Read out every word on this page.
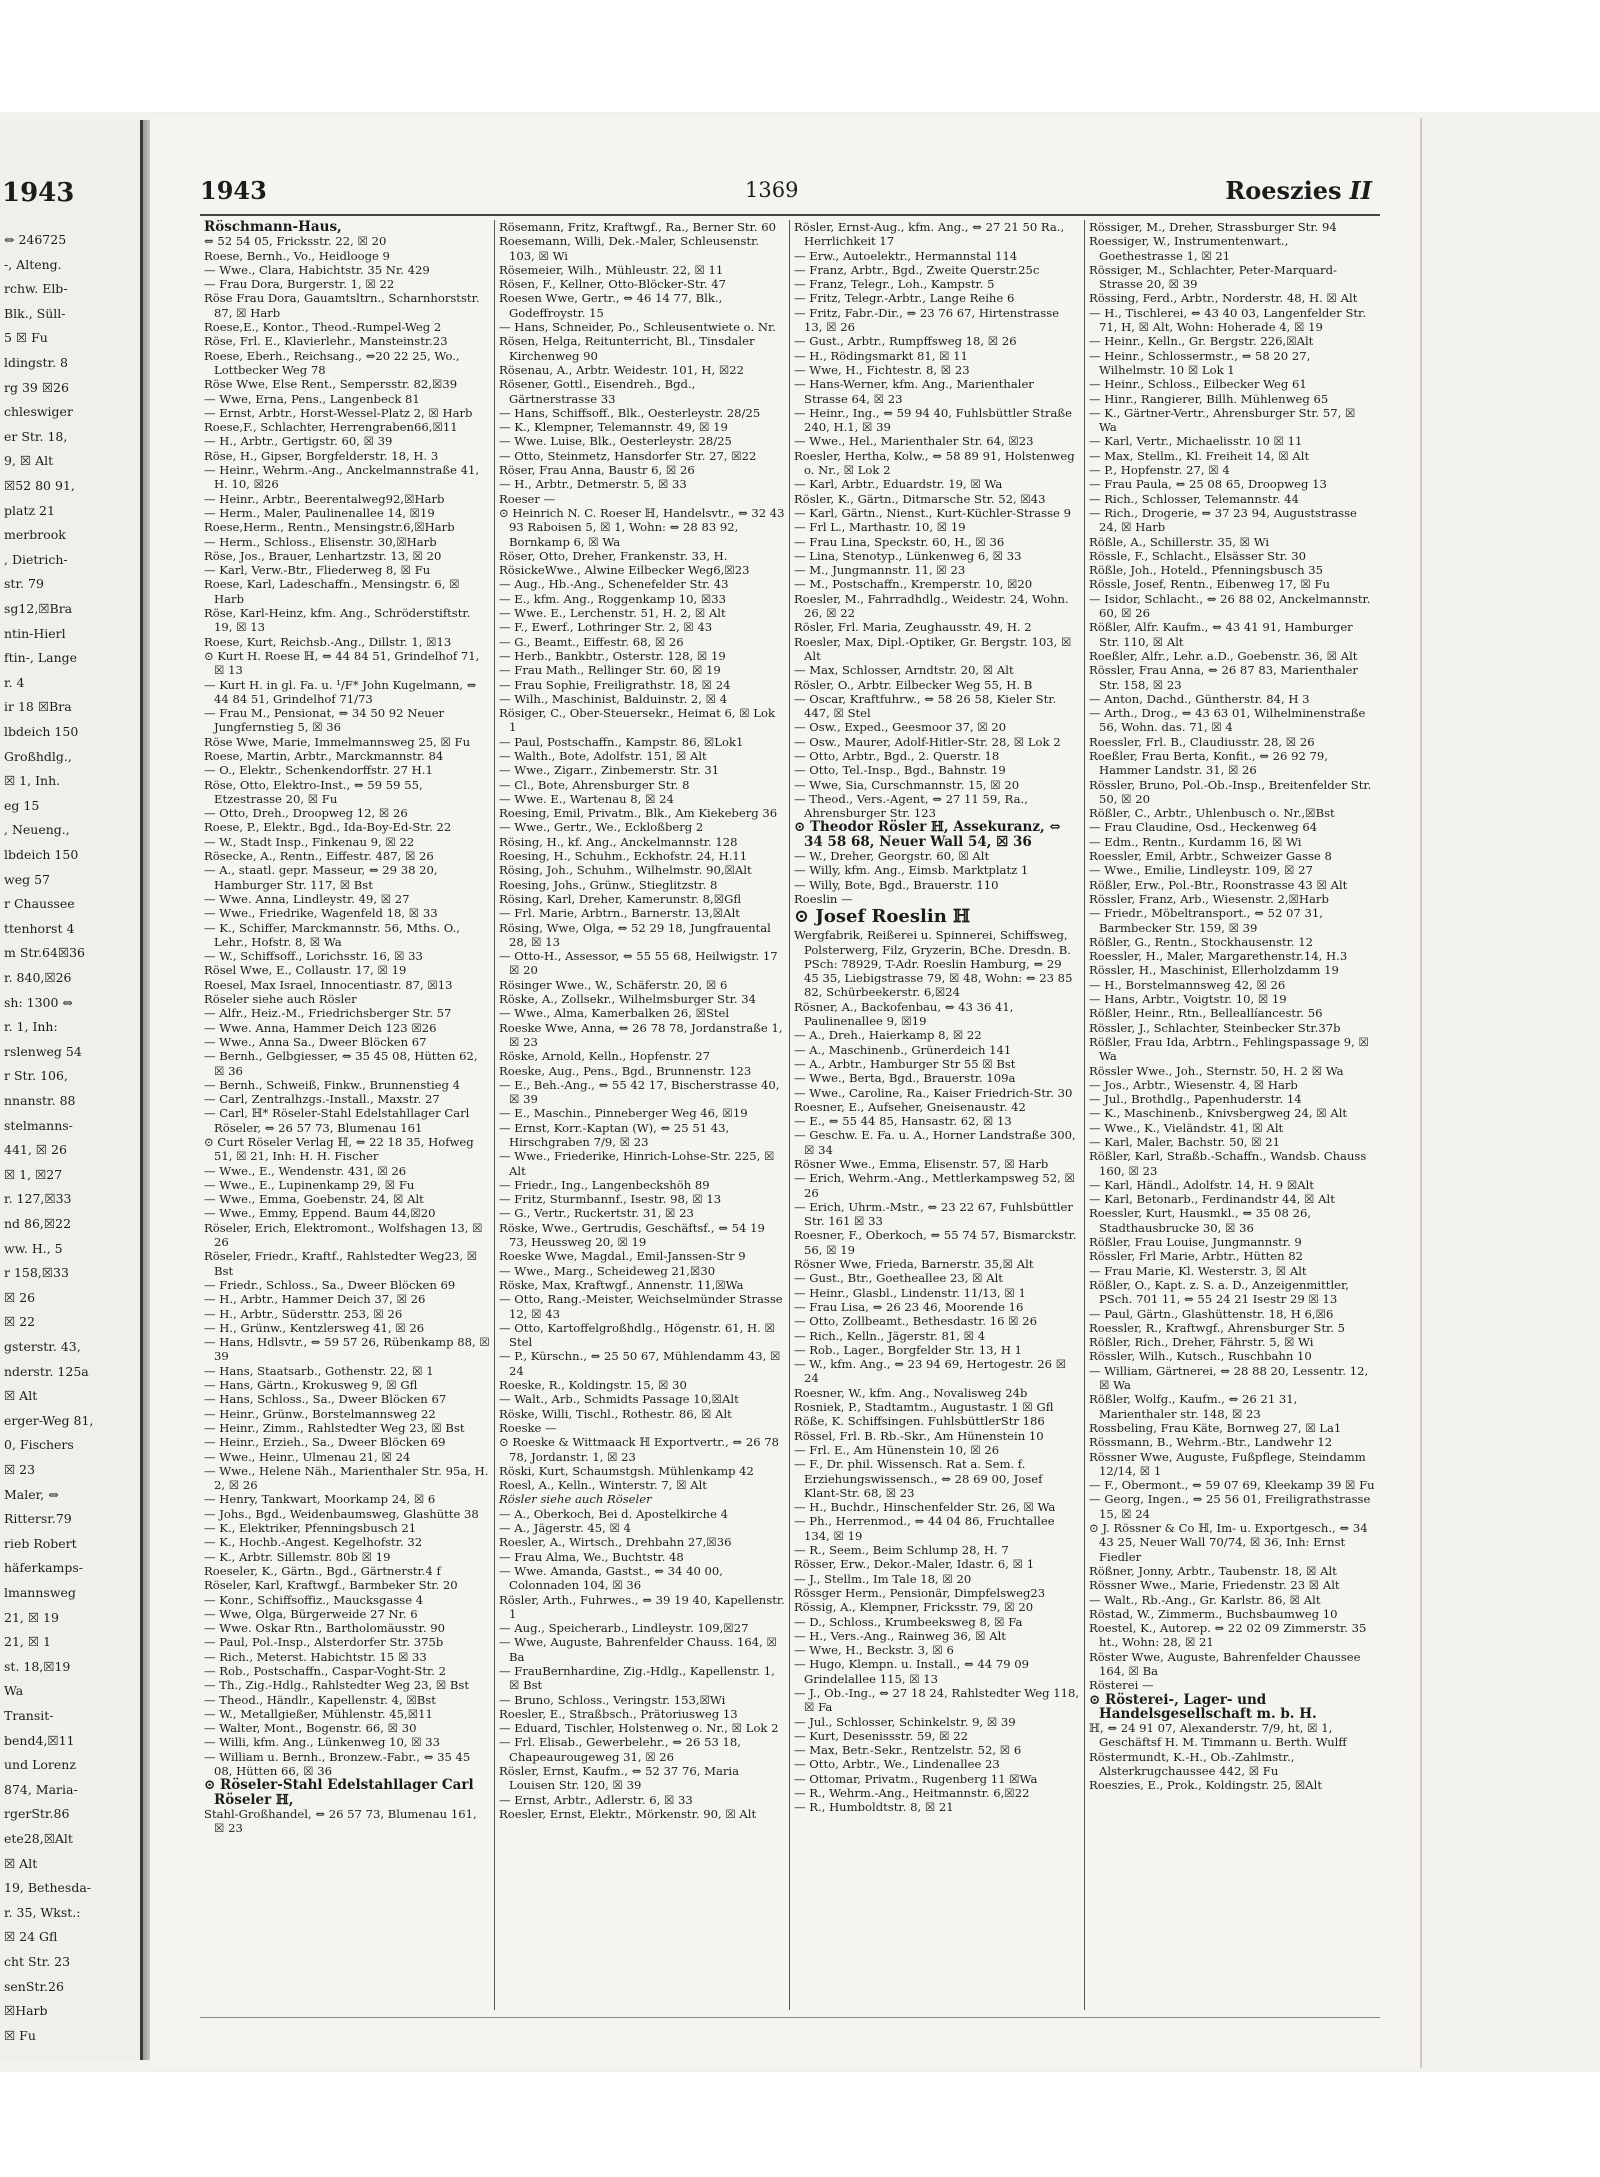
1943
⇔ 246725
-, Alteng.
rchw. Elb-
Blk., Süll-
5 ☒ Fu
ldingstr. 8
rg 39 ☒26
chleswiger
er Str. 18,
9, ☒ Alt
☒52 80 91,
platz 21
merbrook
, Dietrich-
str. 79
sg12,☒Bra
ntin-Hierl
ftin-, Lange
r. 4
ir 18 ☒Bra
lbdeich 150
Großhdlg.,
☒ 1, Inh.
eg 15
, Neueng.,
lbdeich 150
weg 57
r Chaussee
ttenhorst 4
m Str.64☒36
r. 840,☒26
sh: 1300 ⇔
r. 1, Inh:
rslenweg 54
r Str. 106,
nnanstr. 88
stelmanns-
441, ☒ 26
☒ 1, ☒27
r. 127,☒33
nd 86,☒22
ww. H., 5
r 158,☒33
☒ 26
☒ 22
gsterstr. 43,
nderstr. 125a
☒ Alt
erger-Weg 81,
0, Fischers
☒ 23
Maler, ⇔
Rittersr.79
rieb Robert
häferkamps-
lmannsweg
21, ☒ 19
21, ☒ 1
st. 18,☒19
Wa
Transit-
bend4,☒11
und Lorenz
874, Maria-
rgerStr.86
ete28,☒Alt
☒ Alt
19, Bethesda-
r. 35, Wkst.:
☒ 24 Gfl
cht Str. 23
senStr.26
☒Harb
☒ Fu
1943	1369	Roeszies II

Röschmann-Haus,

⇔ 52 54 05, Fricksstr. 22, ☒ 20

Roese, Bernh., Vo., Heidlooge 9

— Wwe., Clara, Habichtstr. 35 Nr. 429

— Frau Dora, Burgerstr. 1, ☒ 22

Röse Frau Dora, Gauamtsltrn., Scharnhorststr. 87, ☒ Harb

Roese,E., Kontor., Theod.-Rumpel-Weg 2

Röse, Frl. E., Klavierlehr., Mansteinstr.23

Roese, Eberh., Reichsang., ⇔20 22 25, Wo., Lottbecker Weg 78

Röse Wwe, Else Rent., Sempersstr. 82,☒39

— Wwe, Erna, Pens., Langenbeck 81

— Ernst, Arbtr., Horst-Wessel-Platz 2, ☒ Harb

Roese,F., Schlachter, Herrengraben66,☒11

— H., Arbtr., Gertigstr. 60, ☒ 39

Röse, H., Gipser, Borgfelderstr. 18, H. 3

— Heinr., Wehrm.-Ang., Anckelmannstraße 41, H. 10, ☒26

— Heinr., Arbtr., Beerentalweg92,☒Harb

— Herm., Maler, Paulinenallee 14, ☒19

Roese,Herm., Rentn., Mensingstr.6,☒Harb

— Herm., Schloss., Elisenstr. 30,☒Harb

Röse, Jos., Brauer, Lenhartzstr. 13, ☒ 20

— Karl, Verw.-Btr., Fliederweg 8, ☒ Fu

Roese, Karl, Ladeschaffn., Mensingstr. 6, ☒ Harb

Röse, Karl-Heinz, kfm. Ang., Schröderstiftstr. 19, ☒ 13

Roese, Kurt, Reichsb.-Ang., Dillstr. 1, ☒13

⊙ Kurt H. Roese ℍ, ⇔ 44 84 51, Grindelhof 71, ☒ 13

— Kurt H. in gl. Fa. u. ¹/F* John Kugelmann, ⇔ 44 84 51, Grindelhof 71/73

— Frau M., Pensionat, ⇔ 34 50 92 Neuer Jungfernstieg 5, ☒ 36

Röse Wwe, Marie, Immelmannsweg 25, ☒ Fu

Roese, Martin, Arbtr., Marckmannstr. 84

— O., Elektr., Schenkendorffstr. 27 H.1

Röse, Otto, Elektro-Inst., ⇔ 59 59 55, Etzestrasse 20, ☒ Fu

— Otto, Dreh., Droopweg 12, ☒ 26

Roese, P., Elektr., Bgd., Ida-Boy-Ed-Str. 22

— W., Stadt Insp., Finkenau 9, ☒ 22

Rösecke, A., Rentn., Eiffestr. 487, ☒ 26

— A., staatl. gepr. Masseur, ⇔ 29 38 20, Hamburger Str. 117, ☒ Bst

— Wwe. Anna, Lindleystr. 49, ☒ 27

— Wwe., Friedrike, Wagenfeld 18, ☒ 33

— K., Schiffer, Marckmannstr. 56, Mths. O., Lehr., Hofstr. 8, ☒ Wa

— W., Schiffsoff., Lorichsstr. 16, ☒ 33

Rösel Wwe, E., Collaustr. 17, ☒ 19

Roesel, Max Israel, Innocentiastr. 87, ☒13

Röseler siehe auch Rösler

— Alfr., Heiz.-M., Friedrichsberger Str. 57

— Wwe. Anna, Hammer Deich 123 ☒26

— Wwe., Anna Sa., Dweer Blöcken 67

— Bernh., Gelbgiesser, ⇔ 35 45 08, Hütten 62, ☒ 36

— Bernh., Schweiß, Finkw., Brunnenstieg 4

— Carl, Zentralhzgs.-Install., Maxstr. 27

— Carl, ℍ* Röseler-Stahl Edelstahllager Carl Röseler, ⇔ 26 57 73, Blumenau 161

⊙ Curt Röseler Verlag ℍ, ⇔ 22 18 35, Hofweg 51, ☒ 21, Inh: H. H. Fischer

— Wwe., E., Wendenstr. 431, ☒ 26

— Wwe., E., Lupinenkamp 29, ☒ Fu

— Wwe., Emma, Goebenstr. 24, ☒ Alt

— Wwe., Emmy, Eppend. Baum 44,☒20

Röseler, Erich, Elektromont., Wolfshagen 13, ☒ 26

Röseler, Friedr., Kraftf., Rahlstedter Weg23, ☒ Bst

— Friedr., Schloss., Sa., Dweer Blöcken 69

— H., Arbtr., Hammer Deich 37, ☒ 26

— H., Arbtr., Südersttr. 253, ☒ 26

— H., Grünw., Kentzlersweg 41, ☒ 26

— Hans, Hdlsvtr., ⇔ 59 57 26, Rübenkamp 88, ☒ 39

— Hans, Staatsarb., Gothenstr. 22, ☒ 1

— Hans, Gärtn., Krokusweg 9, ☒ Gfl

— Hans, Schloss., Sa., Dweer Blöcken 67

— Heinr., Grünw., Borstelmannsweg 22

— Heinr., Zimm., Rahlstedter Weg 23, ☒ Bst

— Heinr., Erzieh., Sa., Dweer Blöcken 69

— Wwe., Heinr., Ulmenau 21, ☒ 24

— Wwe., Helene Näh., Marienthaler Str. 95a, H. 2, ☒ 26

— Henry, Tankwart, Moorkamp 24, ☒ 6

— Johs., Bgd., Weidenbaumsweg, Glashütte 38

— K., Elektriker, Pfenningsbusch 21

— K., Hochb.-Angest. Kegelhofstr. 32

— K., Arbtr. Sillemstr. 80b ☒ 19

Roeseler, K., Gärtn., Bgd., Gärtnerstr.4 f

Röseler, Karl, Kraftwgf., Barmbeker Str. 20

— Konr., Schiffsoffiz., Maucksgasse 4

— Wwe, Olga, Bürgerweide 27 Nr. 6

— Wwe. Oskar Rtn., Bartholomäusstr. 90

— Paul, Pol.-Insp., Alsterdorfer Str. 375b

— Rich., Meterst. Habichtstr. 15 ☒ 33

— Rob., Postschaffn., Caspar-Voght-Str. 2

— Th., Zig.-Hdlg., Rahlstedter Weg 23, ☒ Bst

— Theod., Händlr., Kapellenstr. 4, ☒Bst

— W., Metallgießer, Mühlenstr. 45,☒11

— Walter, Mont., Bogenstr. 66, ☒ 30

— Willi, kfm. Ang., Lünkenweg 10, ☒ 33

— William u. Bernh., Bronzew.-Fabr., ⇔ 35 45 08, Hütten 66, ☒ 36

⊙ Röseler-Stahl Edelstahllager Carl Röseler ℍ,

Stahl-Großhandel, ⇔ 26 57 73, Blumenau 161, ☒ 23

Rösemann, Fritz, Kraftwgf., Ra., Berner Str. 60

Roesemann, Willi, Dek.-Maler, Schleusenstr. 103, ☒ Wi

Rösemeier, Wilh., Mühleustr. 22, ☒ 11

Rösen, F., Kellner, Otto-Blöcker-Str. 47

Roesen Wwe, Gertr., ⇔ 46 14 77, Blk., Godeffroystr. 15

— Hans, Schneider, Po., Schleusentwiete o. Nr.

Rösen, Helga, Reitunterricht, Bl., Tinsdaler Kirchenweg 90

Rösenau, A., Arbtr. Weidestr. 101, H, ☒22

Rösener, Gottl., Eisendreh., Bgd., Gärtnerstrasse 33

— Hans, Schiffsoff., Blk., Oesterleystr. 28/25

— K., Klempner, Telemannstr. 49, ☒ 19

— Wwe. Luise, Blk., Oesterleystr. 28/25

— Otto, Steinmetz, Hansdorfer Str. 27, ☒22

Röser, Frau Anna, Baustr 6, ☒ 26

— H., Arbtr., Detmerstr. 5, ☒ 33

Roeser —

⊙ Heinrich N. C. Roeser ℍ, Handelsvtr., ⇔ 32 43 93 Raboisen 5, ☒ 1, Wohn: ⇔ 28 83 92, Bornkamp 6, ☒ Wa

Röser, Otto, Dreher, Frankenstr. 33, H.

RösickeWwe., Alwine Eilbecker Weg6,☒23

— Aug., Hb.-Ang., Schenefelder Str. 43

— E., kfm. Ang., Roggenkamp 10, ☒33

— Wwe. E., Lerchenstr. 51, H. 2, ☒ Alt

— F., Ewerf., Lothringer Str. 2, ☒ 43

— G., Beamt., Eiffestr. 68, ☒ 26

— Herb., Bankbtr., Osterstr. 128, ☒ 19

— Frau Math., Rellinger Str. 60, ☒ 19

— Frau Sophie, Freiligrathstr. 18, ☒ 24

— Wilh., Maschinist, Balduinstr. 2, ☒ 4

Rösiger, C., Ober-Steuersekr., Heimat 6, ☒ Lok 1

— Paul, Postschaffn., Kampstr. 86, ☒Lok1

— Walth., Bote, Adolfstr. 151, ☒ Alt

— Wwe., Zigarr., Zinbemerstr. Str. 31

— Cl., Bote, Ahrensburger Str. 8

— Wwe. E., Wartenau 8, ☒ 24

Roesing, Emil, Privatm., Blk., Am Kiekeberg 36

— Wwe., Gertr., We., Eckloßberg 2

Rösing, H., kf. Ang., Anckelmannstr. 128

Roesing, H., Schuhm., Eckhofstr. 24, H.11

Rösing, Joh., Schuhm., Wilhelmstr. 90,☒Alt

Roesing, Johs., Grünw., Stieglitzstr. 8

Rösing, Karl, Dreher, Kamerunstr. 8,☒Gfl

— Frl. Marie, Arbtrn., Barnerstr. 13,☒Alt

Rösing, Wwe, Olga, ⇔ 52 29 18, Jungfrauental 28, ☒ 13

— Otto-H., Assessor, ⇔ 55 55 68, Heilwigstr. 17 ☒ 20

Rösinger Wwe., W., Schäferstr. 20, ☒ 6

Röske, A., Zollsekr., Wilhelmsburger Str. 34

— Wwe., Alma, Kamerbalken 26, ☒Stel

Roeske Wwe, Anna, ⇔ 26 78 78, Jordanstraße 1, ☒ 23

Röske, Arnold, Kelln., Hopfenstr. 27

Roeske, Aug., Pens., Bgd., Brunnenstr. 123

— E., Beh.-Ang., ⇔ 55 42 17, Bischerstrasse 40, ☒ 39

— E., Maschin., Pinneberger Weg 46, ☒19

— Ernst, Korr.-Kaptan (W), ⇔ 25 51 43, Hirschgraben 7/9, ☒ 23

— Wwe., Friederike, Hinrich-Lohse-Str. 225, ☒ Alt

— Friedr., Ing., Langenbeckshöh 89

— Fritz, Sturmbannf., Isestr. 98, ☒ 13

— G., Vertr., Ruckertstr. 31, ☒ 23

Röske, Wwe., Gertrudis, Geschäftsf., ⇔ 54 19 73, Heussweg 20, ☒ 19

Roeske Wwe, Magdal., Emil-Janssen-Str 9

— Wwe., Marg., Scheideweg 21,☒30

Röske, Max, Kraftwgf., Annenstr. 11,☒Wa

— Otto, Rang.-Meister, Weichselmünder Strasse 12, ☒ 43

— Otto, Kartoffelgroßhdlg., Högenstr. 61, H. ☒ Stel

— P., Kürschn., ⇔ 25 50 67, Mühlendamm 43, ☒ 24

Roeske, R., Koldingstr. 15, ☒ 30

— Walt., Arb., Schmidts Passage 10,☒Alt

Röske, Willi, Tischl., Rothestr. 86, ☒ Alt

Roeske —

⊙ Roeske & Wittmaack ℍ Exportvertr., ⇔ 26 78 78, Jordanstr. 1, ☒ 23

Röski, Kurt, Schaumstgsh. Mühlenkamp 42

Roesl, A., Kelln., Winterstr. 7, ☒ Alt

Rösler siehe auch Röseler

— A., Oberkoch, Bei d. Apostelkirche 4

— A., Jägerstr. 45, ☒ 4

Roesler, A., Wirtsch., Drehbahn 27,☒36

— Frau Alma, We., Buchtstr. 48

— Wwe. Amanda, Gastst., ⇔ 34 40 00, Colonnaden 104, ☒ 36

Rösler, Arth., Fuhrwes., ⇔ 39 19 40, Kapellenstr. 1

— Aug., Speicherarb., Lindleystr. 109,☒27

— Wwe, Auguste, Bahrenfelder Chauss. 164, ☒ Ba

— FrauBernhardine, Zig.-Hdlg., Kapellenstr. 1, ☒ Bst

— Bruno, Schloss., Veringstr. 153,☒Wi

Roesler, E., Straßbsch., Prätoriusweg 13

— Eduard, Tischler, Holstenweg o. Nr., ☒ Lok 2

— Frl. Elisab., Gewerbelehr., ⇔ 26 53 18, Chapeaurougeweg 31, ☒ 26

Rösler, Ernst, Kaufm., ⇔ 52 37 76, Maria Louisen Str. 120, ☒ 39

— Ernst, Arbtr., Adlerstr. 6, ☒ 33

Roesler, Ernst, Elektr., Mörkenstr. 90, ☒ Alt

Rösler, Ernst-Aug., kfm. Ang., ⇔ 27 21 50 Ra., Herrlichkeit 17

— Erw., Autoelektr., Hermannstal 114

— Franz, Arbtr., Bgd., Zweite Querstr.25c

— Franz, Telegr., Loh., Kampstr. 5

— Fritz, Telegr.-Arbtr., Lange Reihe 6

— Fritz, Fabr.-Dir., ⇔ 23 76 67, Hirtenstrasse 13, ☒ 26

— Gust., Arbtr., Rumpffsweg 18, ☒ 26

— H., Rödingsmarkt 81, ☒ 11

— Wwe, H., Fichtestr. 8, ☒ 23

— Hans-Werner, kfm. Ang., Marienthaler Strasse 64, ☒ 23

— Heinr., Ing., ⇔ 59 94 40, Fuhlsbüttler Straße 240, H.1, ☒ 39

— Wwe., Hel., Marienthaler Str. 64, ☒23

Roesler, Hertha, Kolw., ⇔ 58 89 91, Holstenweg o. Nr., ☒ Lok 2

— Karl, Arbtr., Eduardstr. 19, ☒ Wa

Rösler, K., Gärtn., Ditmarsche Str. 52, ☒43

— Karl, Gärtn., Nienst., Kurt-Küchler-Strasse 9

— Frl L., Marthastr. 10, ☒ 19

— Frau Lina, Speckstr. 60, H., ☒ 36

— Lina, Stenotyp., Lünkenweg 6, ☒ 33

— M., Jungmannstr. 11, ☒ 23

— M., Postschaffn., Kremperstr. 10, ☒20

Roesler, M., Fahrradhdlg., Weidestr. 24, Wohn. 26, ☒ 22

Rösler, Frl. Maria, Zeughausstr. 49, H. 2

Roesler, Max, Dipl.-Optiker, Gr. Bergstr. 103, ☒ Alt

— Max, Schlosser, Arndtstr. 20, ☒ Alt

Rösler, O., Arbtr. Eilbecker Weg 55, H. B

— Oscar, Kraftfuhrw., ⇔ 58 26 58, Kieler Str. 447, ☒ Stel

— Osw., Exped., Geesmoor 37, ☒ 20

— Osw., Maurer, Adolf-Hitler-Str. 28, ☒ Lok 2

— Otto, Arbtr., Bgd., 2. Querstr. 18

— Otto, Tel.-Insp., Bgd., Bahnstr. 19

— Wwe, Sia, Curschmannstr. 15, ☒ 20

— Theod., Vers.-Agent, ⇔ 27 11 59, Ra., Ahrensburger Str. 123

⊙ Theodor Rösler ℍ, Assekuranz, ⇔ 34 58 68, Neuer Wall 54, ☒ 36

— W., Dreher, Georgstr. 60, ☒ Alt

— Willy, kfm. Ang., Eimsb. Marktplatz 1

— Willy, Bote, Bgd., Brauerstr. 110

Roeslin —

⊙ Josef Roeslin ℍ

Wergfabrik, Reißerei u. Spinnerei, Schiffsweg, Polsterwerg, Filz, Gryzerin, BChe. Dresdn. B. PSch: 78929, T-Adr. Roeslin Hamburg, ⇔ 29 45 35, Liebigstrasse 79, ☒ 48, Wohn: ⇔ 23 85 82, Schürbeekerstr. 6,☒24

Rösner, A., Backofenbau, ⇔ 43 36 41, Paulinenallee 9, ☒19

— A., Dreh., Haierkamp 8, ☒ 22

— A., Maschinenb., Grünerdeich 141

— A., Arbtr., Hamburger Str 55 ☒ Bst

— Wwe., Berta, Bgd., Brauerstr. 109a

— Wwe., Caroline, Ra., Kaiser Friedrich-Str. 30

Roesner, E., Aufseher, Gneisenaustr. 42

— E., ⇔ 55 44 85, Hansastr. 62, ☒ 13

— Geschw. E. Fa. u. A., Horner Landstraße 300, ☒ 34

Rösner Wwe., Emma, Elisenstr. 57, ☒ Harb

— Erich, Wehrm.-Ang., Mettlerkampsweg 52, ☒ 26

— Erich, Uhrm.-Mstr., ⇔ 23 22 67, Fuhlsbüttler Str. 161 ☒ 33

Roesner, F., Oberkoch, ⇔ 55 74 57, Bismarckstr. 56, ☒ 19

Rösner Wwe, Frieda, Barnerstr. 35,☒ Alt

— Gust., Btr., Goetheallee 23, ☒ Alt

— Heinr., Glasbl., Lindenstr. 11/13, ☒ 1

— Frau Lisa, ⇔ 26 23 46, Moorende 16

— Otto, Zollbeamt., Bethesdastr. 16 ☒ 26

— Rich., Kelln., Jägerstr. 81, ☒ 4

— Rob., Lager., Borgfelder Str. 13, H 1

— W., kfm. Ang., ⇔ 23 94 69, Hertogestr. 26 ☒ 24

Roesner, W., kfm. Ang., Novalisweg 24b

Rosniek, P., Stadtamtm., Augustastr. 1 ☒ Gfl

Röße, K. Schiffsingen. FuhlsbüttlerStr 186

Rössel, Frl. B. Rb.-Skr., Am Hünenstein 10

— Frl. E., Am Hünenstein 10, ☒ 26

— F., Dr. phil. Wissensch. Rat a. Sem. f. Erziehungswissensch., ⇔ 28 69 00, Josef Klant-Str. 68, ☒ 23

— H., Buchdr., Hinschenfelder Str. 26, ☒ Wa

— Ph., Herrenmod., ⇔ 44 04 86, Fruchtallee 134, ☒ 19

— R., Seem., Beim Schlump 28, H. 7

Rösser, Erw., Dekor.-Maler, Idastr. 6, ☒ 1

— J., Stellm., Im Tale 18, ☒ 20

Rössger Herm., Pensionär, Dimpfelsweg23

Rössig, A., Klempner, Fricksstr. 79, ☒ 20

— D., Schloss., Krumbeeksweg 8, ☒ Fa

— H., Vers.-Ang., Rainweg 36, ☒ Alt

— Wwe, H., Beckstr. 3, ☒ 6

— Hugo, Klempn. u. Install., ⇔ 44 79 09 Grindelallee 115, ☒ 13

— J., Ob.-Ing., ⇔ 27 18 24, Rahlstedter Weg 118, ☒ Fa

— Jul., Schlosser, Schinkelstr. 9, ☒ 39

— Kurt, Desenissstr. 59, ☒ 22

— Max, Betr.-Sekr., Rentzelstr. 52, ☒ 6

— Otto, Arbtr., We., Lindenallee 23

— Ottomar, Privatm., Rugenberg 11 ☒Wa

— R., Wehrm.-Ang., Heitmannstr. 6,☒22

— R., Humboldtstr. 8, ☒ 21

Rössiger, M., Dreher, Strassburger Str. 94

Roessiger, W., Instrumentenwart., Goethestrasse 1, ☒ 21

Rössiger, M., Schlachter, Peter-Marquard-Strasse 20, ☒ 39

Rössing, Ferd., Arbtr., Norderstr. 48, H. ☒ Alt

— H., Tischlerei, ⇔ 43 40 03, Langenfelder Str. 71, H, ☒ Alt, Wohn: Hoheradе 4, ☒ 19

— Heinr., Kelln., Gr. Bergstr. 226,☒Alt

— Heinr., Schlossermstr., ⇔ 58 20 27, Wilhelmstr. 10 ☒ Lok 1

— Heinr., Schloss., Eilbecker Weg 61

— Hinr., Rangierer, Billh. Mühlenweg 65

— K., Gärtner-Vertr., Ahrensburger Str. 57, ☒ Wa

— Karl, Vertr., Michaelisstr. 10 ☒ 11

— Max, Stellm., Kl. Freiheit 14, ☒ Alt

— P., Hopfenstr. 27, ☒ 4

— Frau Paula, ⇔ 25 08 65, Droopweg 13

— Rich., Schlosser, Telemannstr. 44

— Rich., Drogerie, ⇔ 37 23 94, Auguststrasse 24, ☒ Harb

Rößle, A., Schillerstr. 35, ☒ Wi

Rössle, F., Schlacht., Elsässer Str. 30

Rößle, Joh., Hoteld., Pfenningsbusch 35

Rössle, Josef, Rentn., Eibenweg 17, ☒ Fu

— Isidor, Schlacht., ⇔ 26 88 02, Anckelmannstr. 60, ☒ 26

Rößler, Alfr. Kaufm., ⇔ 43 41 91, Hamburger Str. 110, ☒ Alt

Roeßler, Alfr., Lehr. a.D., Goebenstr. 36, ☒ Alt

Rössler, Frau Anna, ⇔ 26 87 83, Marienthaler Str. 158, ☒ 23

— Anton, Dachd., Güntherstr. 84, H 3

— Arth., Drog., ⇔ 43 63 01, Wilhelminenstraße 56, Wohn. das. 71, ☒ 4

Roessler, Frl. B., Claudiusstr. 28, ☒ 26

Roeßler, Frau Berta, Konfit., ⇔ 26 92 79, Hammer Landstr. 31, ☒ 26

Rössler, Bruno, Pol.-Ob.-Insp., Breitenfelder Str. 50, ☒ 20

Rößler, C., Arbtr., Uhlenbusch o. Nr.,☒Bst

— Frau Claudine, Osd., Heckenweg 64

— Edm., Rentn., Kurdamm 16, ☒ Wi

Roessler, Emil, Arbtr., Schweizer Gasse 8

— Wwe., Emilie, Lindleystr. 109, ☒ 27

Rößler, Erw., Pol.-Btr., Roonstrasse 43 ☒ Alt

Rössler, Franz, Arb., Wiesenstr. 2,☒Harb

— Friedr., Möbeltransport., ⇔ 52 07 31, Barmbecker Str. 159, ☒ 39

Rößler, G., Rentn., Stockhausenstr. 12

Roessler, H., Maler, Margarethenstr.14, H.3

Rössler, H., Maschinist, Ellerholzdamm 19

— H., Borstelmannsweg 42, ☒ 26

— Hans, Arbtr., Voigtstr. 10, ☒ 19

Rößler, Heinr., Rtn., Belleallíancestr. 56

Rössler, J., Schlachter, Steinbecker Str.37b

Rößler, Frau Ida, Arbtrn., Fehlingspassage 9, ☒ Wa

Rössler Wwe., Joh., Sternstr. 50, H. 2 ☒ Wa

— Jos., Arbtr., Wiesenstr. 4, ☒ Harb

— Jul., Brothdlg., Papenhuderstr. 14

— K., Maschinenb., Knivsbergweg 24, ☒ Alt

— Wwe., K., Vieländstr. 41, ☒ Alt

— Karl, Maler, Bachstr. 50, ☒ 21

Rößler, Karl, Straßb.-Schaffn., Wandsb. Chauss 160, ☒ 23

— Karl, Händl., Adolfstr. 14, H. 9 ☒Alt

— Karl, Betonarb., Ferdinandstr 44, ☒ Alt

Roessler, Kurt, Hausmkl., ⇔ 35 08 26, Stadthausbrucke 30, ☒ 36

Rößler, Frau Louise, Jungmannstr. 9

Rössler, Frl Marie, Arbtr., Hütten 82

— Frau Marie, Kl. Westerstr. 3, ☒ Alt

Rößler, O., Kapt. z. S. a. D., Anzeigenmittler, PSch. 701 11, ⇔ 55 24 21 Isestr 29 ☒ 13

— Paul, Gärtn., Glashüttenstr. 18, H 6,☒6

Roessler, R., Kraftwgf., Ahrensburger Str. 5

Rößler, Rich., Dreher, Fährstr. 5, ☒ Wi

Rössler, Wilh., Kutsch., Ruschbahn 10

— William, Gärtnerei, ⇔ 28 88 20, Lessentr. 12, ☒ Wa

Rößler, Wolfg., Kaufm., ⇔ 26 21 31, Marienthaler str. 148, ☒ 23

Rossbeling, Frau Käte, Bornweg 27, ☒ La1

Rössmann, B., Wehrm.-Btr., Landwehr 12

Rössner Wwe, Auguste, Fußpflege, Steindamm 12/14, ☒ 1

— F., Obermont., ⇔ 59 07 69, Kleekamp 39 ☒ Fu

— Georg, Ingen., ⇔ 25 56 01, Freiligrathstrasse 15, ☒ 24

⊙ J. Rössner & Co ℍ, Im- u. Exportgesch., ⇔ 34 43 25, Neuer Wall 70/74, ☒ 36, Inh: Ernst Fiedler

Rößner, Jonny, Arbtr., Taubenstr. 18, ☒ Alt

Rössner Wwe., Marie, Friedenstr. 23 ☒ Alt

— Walt., Rb.-Ang., Gr. Karlstr. 86, ☒ Alt

Röstad, W., Zimmerm., Buchsbaumweg 10

Roestel, K., Autorep. ⇔ 22 02 09 Zimmerstr. 35 ht., Wohn: 28, ☒ 21

Röster Wwe, Auguste, Bahrenfelder Chaussee 164, ☒ Ba

Rösterei —

⊙ Rösterei-, Lager- und Handelsgesellschaft m. b. H.

ℍ, ⇔ 24 91 07, Alexanderstr. 7/9, ht, ☒ 1, Geschäftsf H. M. Timmann u. Berth. Wulff

Röstermundt, K.-H., Ob.-Zahlmstr., Alsterkrugchaussee 442, ☒ Fu

Roeszies, E., Prok., Koldingstr. 25, ☒Alt
